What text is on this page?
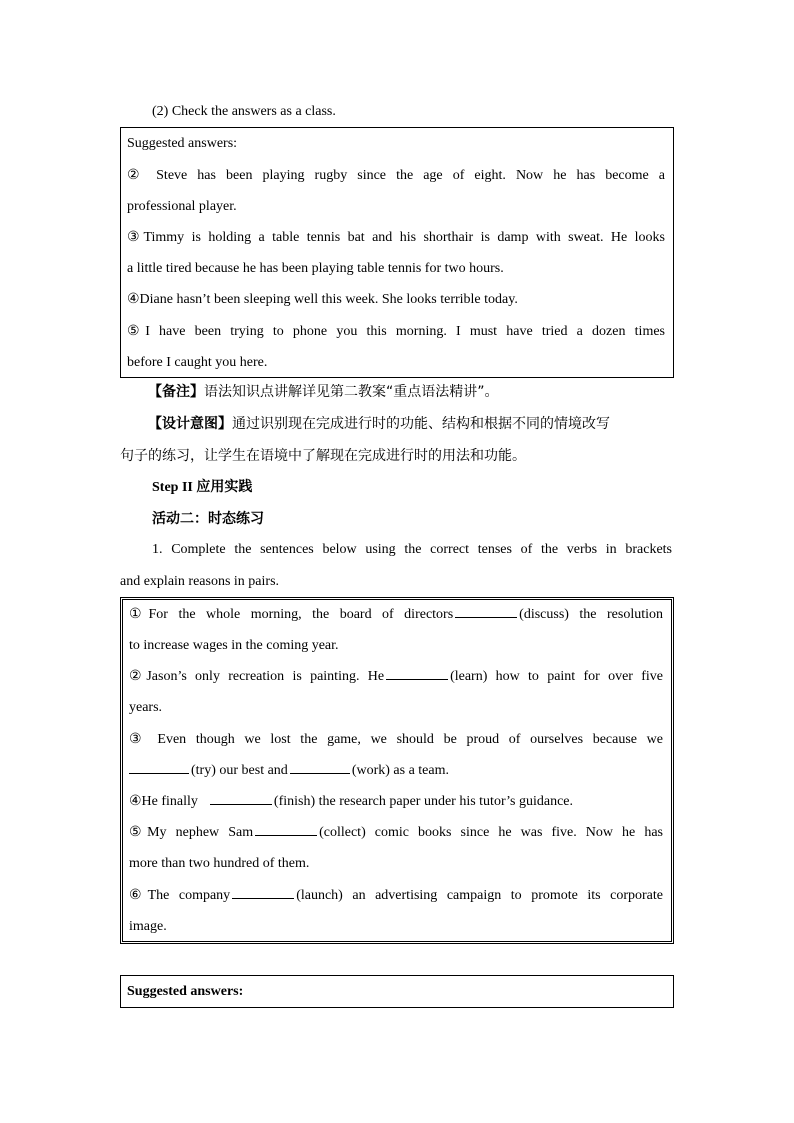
(2) Check the answers as a class.
Suggested answers:
② Steve has been playing rugby since the age of eight. Now he has become a
professional player.
③Timmy is holding a table tennis bat and his shorthair is damp with sweat. He looks
a little tired because he has been playing table tennis for two hours.
④Diane hasn’t been sleeping well this week. She looks terrible today.
⑤I have been trying to phone you this morning. I must have tried a dozen times
before I caught you here.
【备注】语法知识点讲解详见第二教案“重点语法精讲”。
【设计意图】通过识别现在完成进行时的功能、结构和根据不同的情境改写
句子的练习，让学生在语境中了解现在完成进行时的用法和功能。
Step II 应用实践
活动二：时态练习
1. Complete the sentences below using the correct tenses of the verbs in brackets
and explain reasons in pairs.
①For the whole morning, the board of directors	(discuss) the resolution
to increase wages in the coming year.
②Jason’s only recreation is painting. He	(learn) how to paint for over five
years.
③ Even though we lost the game, we should be proud of ourselves because we
(try) our best and	(work) as a team.
④He finally	(finish) the research paper under his tutor’s guidance.
⑤My nephew Sam	(collect) comic books since he was five. Now he has
more than two hundred of them.
⑥The company	(launch) an advertising campaign to promote its corporate
image.
Suggested answers:
